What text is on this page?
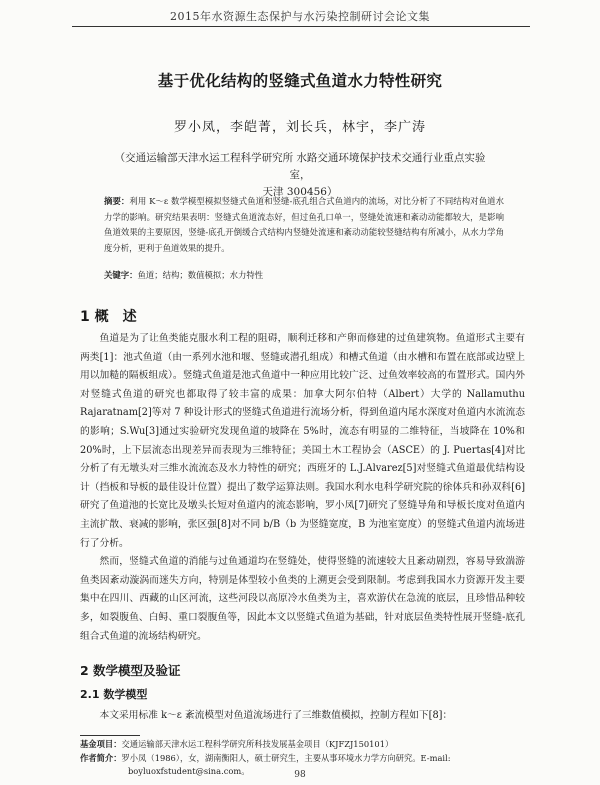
2015年水资源生态保护与水污染控制研讨会论文集
基于优化结构的竖缝式鱼道水力特性研究
罗小凤，李皑菁，刘长兵，林宇，李广涛
（交通运输部天津水运工程科学研究所 水路交通环境保护技术交通行业重点实验室，
天津 300456）
摘要：利用 K～ε 数学模型模拟竖缝式鱼道和竖缝-底孔组合式鱼道内的流场，对比分析了不同结构对鱼道水力学的影响。研究结果表明：竖缝式鱼道流态好，但过鱼孔口单一，竖缝处流速和紊动动能都较大，是影响鱼道效果的主要原因，竖缝-底孔开倒缓合式结构内竖缝处流速和紊动动能较竖缝结构有所减小，从水力学角度分析，更利于鱼道效果的提升。
关键字：鱼道；结构；数值模拟；水力特性
1 概　述

鱼道是为了让鱼类能克服水利工程的阻碍，顺利迁移和产卵而修建的过鱼建筑物。鱼道形式主要有两类[1]：池式鱼道（由一系列水池和堰、竖缝或潜孔组成）和槽式鱼道（由水槽和布置在底部或边壁上用以加糙的隔板组成）。竖缝式鱼道是池式鱼道中一种应用比较广泛、过鱼效率较高的布置形式。国内外对竖缝式鱼道的研究也都取得了较丰富的成果：加拿大阿尔伯特（Albert）大学的 Nallamuthu Rajaratnam[2]等对 7 种设计形式的竖缝式鱼道进行流场分析，得到鱼道内尾水深度对鱼道内水流流态的影响；S.Wu[3]通过实验研究发现鱼道的坡降在 5%时，流态有明显的二维特征，当坡降在 10%和 20%时，上下层流态出现差异而表现为三维特征；美国土木工程协会（ASCE）的 J. Puertas[4]对比分析了有无墩头对三维水流流态及水力特性的研究；西班牙的 L.J.Alvarez[5]对竖缝式鱼道最优结构设计（挡板和导板的最佳设计位置）提出了数学运算法则。我国水利水电科学研究院的徐体兵和孙双科[6]研究了鱼道池的长宽比及墩头长短对鱼道内的流态影响，罗小凤[7]研究了竖缝导角和导板长度对鱼道内主流扩散、衰减的影响，张区强[8]对不同 b/B（b 为竖缝宽度，B 为池室宽度）的竖缝式鱼道内流场进行了分析。

然而，竖缝式鱼道的消能与过鱼通道均在竖缝处，使得竖缝的流速较大且紊动剧烈，容易导致湍游鱼类因紊动漩涡而迷失方向，特别是体型较小鱼类的上溯更会受到限制。考虑到我国水力资源开发主要集中在四川、西藏的山区河流，这些河段以高原冷水鱼类为主，喜欢游伏在急流的底层，且珍惜品种较多，如裂腹鱼、白鲟、重口裂腹鱼等，因此本文以竖缝式鱼道为基础，针对底层鱼类特性展开竖缝-底孔组合式鱼道的流场结构研究。

2 数学模型及验证
2.1 数学模型
本文采用标准 k～ε 紊流模型对鱼道流场进行了三维数值模拟，控制方程如下[8]：
基金项目：交通运输部天津水运工程科学研究所科技发展基金项目（KJFZJ150101）
作者简介：罗小凤（1986），女，湖南衡阳人，硕士研究生，主要从事环境水力学方向研究。E-mail:
boyluoxfstudent@sina.com。	98
